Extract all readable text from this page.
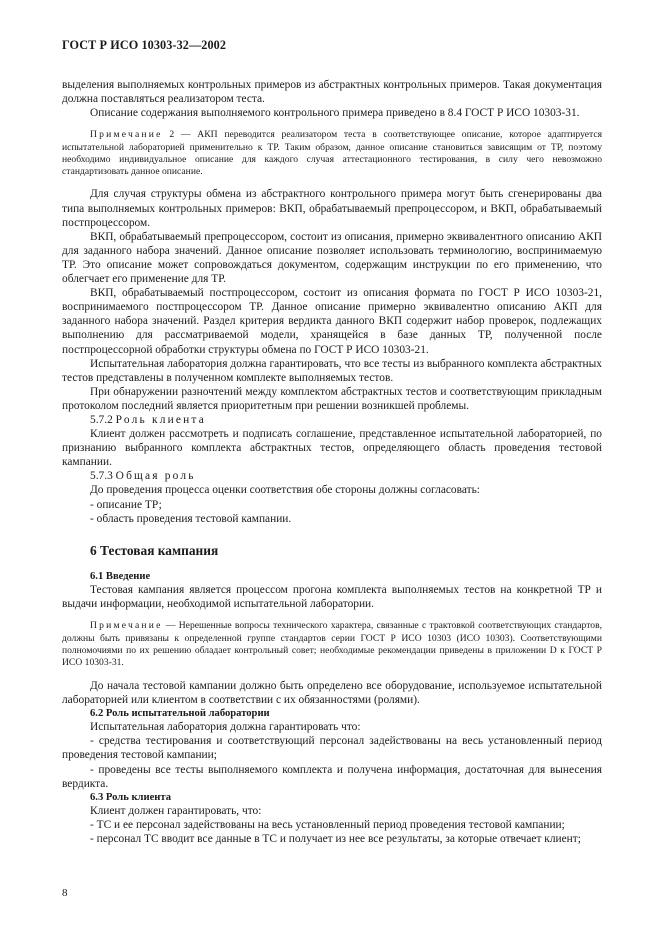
ГОСТ Р ИСО 10303-32—2002

выделения выполняемых контрольных примеров из абстрактных контрольных примеров. Такая документация должна поставляться реализатором теста.

Описание содержания выполняемого контрольного примера приведено в 8.4 ГОСТ Р ИСО 10303-31.

Примечание 2 — АКП переводится реализатором теста в соответствующее описание, которое адаптируется испытательной лабораторией применительно к ТР. Таким образом, данное описание становиться зависящим от ТР, поэтому необходимо индивидуальное описание для каждого случая аттестационного тестирования, в силу чего невозможно стандартизовать данное описание.

Для случая структуры обмена из абстрактного контрольного примера могут быть сгенерированы два типа выполняемых контрольных примеров: ВКП, обрабатываемый препроцессором, и ВКП, обрабатываемый постпроцессором.

ВКП, обрабатываемый препроцессором, состоит из описания, примерно эквивалентного описанию АКП для заданного набора значений. Данное описание позволяет использовать терминологию, воспринимаемую ТР. Это описание может сопровождаться документом, содержащим инструкции по его применению, что облегчает его применение для ТР.

ВКП, обрабатываемый постпроцессором, состоит из описания формата по ГОСТ Р ИСО 10303-21, воспринимаемого постпроцессором ТР. Данное описание примерно эквивалентно описанию АКП для заданного набора значений. Раздел критерия вердикта данного ВКП содержит набор проверок, подлежащих выполнению для рассматриваемой модели, хранящейся в базе данных ТР, полученной после постпроцессорной обработки структуры обмена по ГОСТ Р ИСО 10303-21.

Испытательная лаборатория должна гарантировать, что все тесты из выбранного комплекта абстрактных тестов представлены в полученном комплекте выполняемых тестов.

При обнаружении разночтений между комплектом абстрактных тестов и соответствующим прикладным протоколом последний является приоритетным при решении возникшей проблемы.

5.7.2 Роль клиента

Клиент должен рассмотреть и подписать соглашение, представленное испытательной лабораторией, по признанию выбранного комплекта абстрактных тестов, определяющего область проведения тестовой кампании.

5.7.3 Общая роль

До проведения процесса оценки соответствия обе стороны должны согласовать:

- описание ТР;

- область проведения тестовой кампании.

6 Тестовая кампания
6.1 Введение

Тестовая кампания является процессом прогона комплекта выполняемых тестов на конкретной ТР и выдачи информации, необходимой испытательной лаборатории.

Примечание — Нерешенные вопросы технического характера, связанные с трактовкой соответствующих стандартов, должны быть привязаны к определенной группе стандартов серии ГОСТ Р ИСО 10303 (ИСО 10303). Соответствующими полномочиями по их решению обладает контрольный совет; необходимые рекомендации приведены в приложении D к ГОСТ Р ИСО 10303-31.

До начала тестовой кампании должно быть определено все оборудование, используемое испытательной лабораторией или клиентом в соответствии с их обязанностями (ролями).

6.2 Роль испытательной лаборатории

Испытательная лаборатория должна гарантировать что:

- средства тестирования и соответствующий персонал задействованы на весь установленный период проведения тестовой кампании;

- проведены все тесты выполняемого комплекта и получена информация, достаточная для вынесения вердикта.

6.3 Роль клиента

Клиент должен гарантировать, что:

- ТС и ее персонал задействованы на весь установленный период проведения тестовой кампании;

- персонал ТС вводит все данные в ТС и получает из нее все результаты, за которые отвечает клиент;

8
